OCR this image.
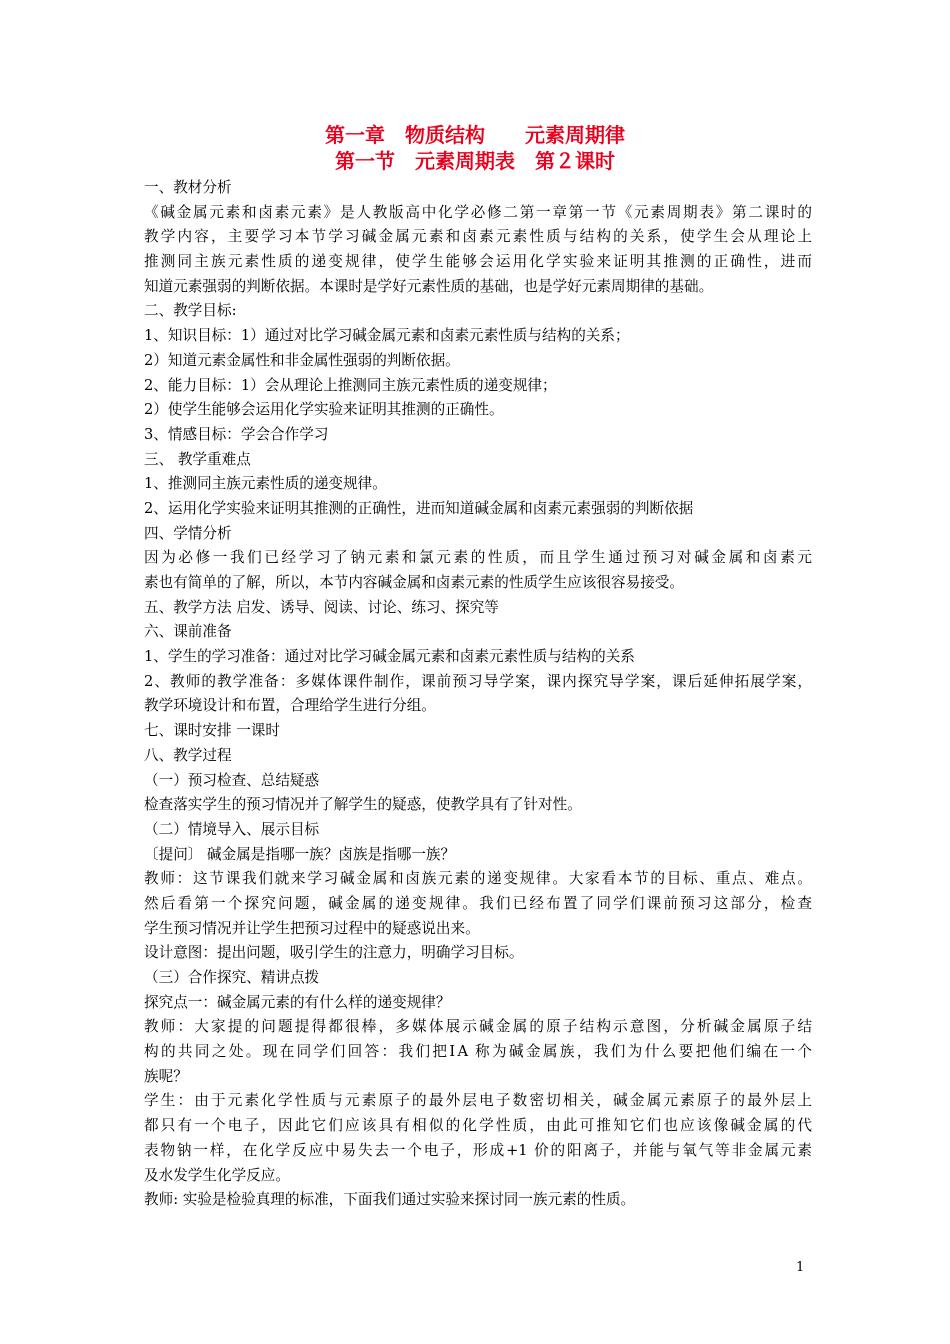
第一章　物质结构　　元素周期律
第一节　元素周期表　第２课时
一、教材分析
《碱金属元素和卤素元素》是人教版高中化学必修二第一章第一节《元素周期表》第二课时的
教学内容，主要学习本节学习碱金属元素和卤素元素性质与结构的关系，使学生会从理论上
推测同主族元素性质的递变规律，使学生能够会运用化学实验来证明其推测的正确性，进而
知道元素强弱的判断依据。本课时是学好元素性质的基础，也是学好元素周期律的基础。
二、教学目标:
1、知识目标：1）通过对比学习碱金属元素和卤素元素性质与结构的关系；
2）知道元素金属性和非金属性强弱的判断依据。
2、能力目标：1）会从理论上推测同主族元素性质的递变规律；
2）使学生能够会运用化学实验来证明其推测的正确性。
3、情感目标：学会合作学习
三、 教学重难点
1、推测同主族元素性质的递变规律。
2、运用化学实验来证明其推测的正确性，进而知道碱金属和卤素元素强弱的判断依据
四、学情分析
因为必修一我们已经学习了钠元素和氯元素的性质，而且学生通过预习对碱金属和卤素元
素也有简单的了解，所以，本节内容碱金属和卤素元素的性质学生应该很容易接受。
五、教学方法 启发、诱导、阅读、讨论、练习、探究等
六、课前准备
1、学生的学习准备：通过对比学习碱金属元素和卤素元素性质与结构的关系
2、教师的教学准备：多媒体课件制作，课前预习导学案，课内探究导学案，课后延伸拓展学案，
教学环境设计和布置，合理给学生进行分组。
七、课时安排 一课时
八、教学过程
（一）预习检查、总结疑惑
检查落实学生的预习情况并了解学生的疑惑，使教学具有了针对性。
（二）情境导入、展示目标
〔提问〕 碱金属是指哪一族？卤族是指哪一族？
教师：这节课我们就来学习碱金属和卤族元素的递变规律。大家看本节的目标、重点、难点。
然后看第一个探究问题，碱金属的递变规律。我们已经布置了同学们课前预习这部分，检查
学生预习情况并让学生把预习过程中的疑惑说出来。
设计意图：提出问题，吸引学生的注意力，明确学习目标。
（三）合作探究、精讲点拨
探究点一：碱金属元素的有什么样的递变规律？
教师：大家提的问题提得都很棒，多媒体展示碱金属的原子结构示意图，分析碱金属原子结
构的共同之处。现在同学们回答：我们把ⅠA 称为碱金属族，我们为什么要把他们编在一个
族呢？
学生：由于元素化学性质与元素原子的最外层电子数密切相关，碱金属元素原子的最外层上
都只有一个电子，因此它们应该具有相似的化学性质，由此可推知它们也应该像碱金属的代
表物钠一样，在化学反应中易失去一个电子，形成+1 价的阳离子，并能与氧气等非金属元素
及水发学生化学反应。
教师: 实验是检验真理的标准，下面我们通过实验来探讨同一族元素的性质。
1
